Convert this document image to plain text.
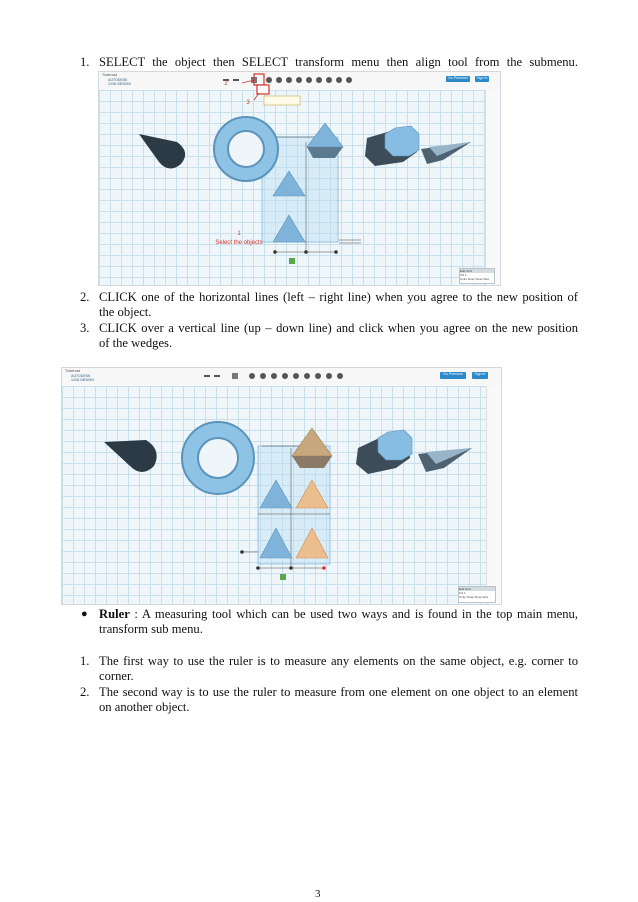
1. SELECT the object then SELECT transform menu then align tool from the submenu.
Tinkercad
AUTODESK
123D DESIGN
Go Premium	Sign In
2
3
1
Select the objects
Edit Grid
0.5 1
Units Snap Snap Size
2. CLICK one of the horizontal lines (left – right line) when you agree to the new position of
the object.
3. CLICK over a vertical line (up – down line) and click when you agree on the new position
of the wedges.
Tinkercad
AUTODESK
123D DESIGN
Go Premium	Sign In
Edit Grid
0.5 1
Units Snap Snap Size
● Ruler : A measuring tool which can be used two ways and is found in the top main menu,
transform sub menu.
1. The first way to use the ruler is to measure any elements on the same object, e.g. corner to
corner.
2. The second way is to use the ruler to measure from one element on one object to an element
on another object.
3
